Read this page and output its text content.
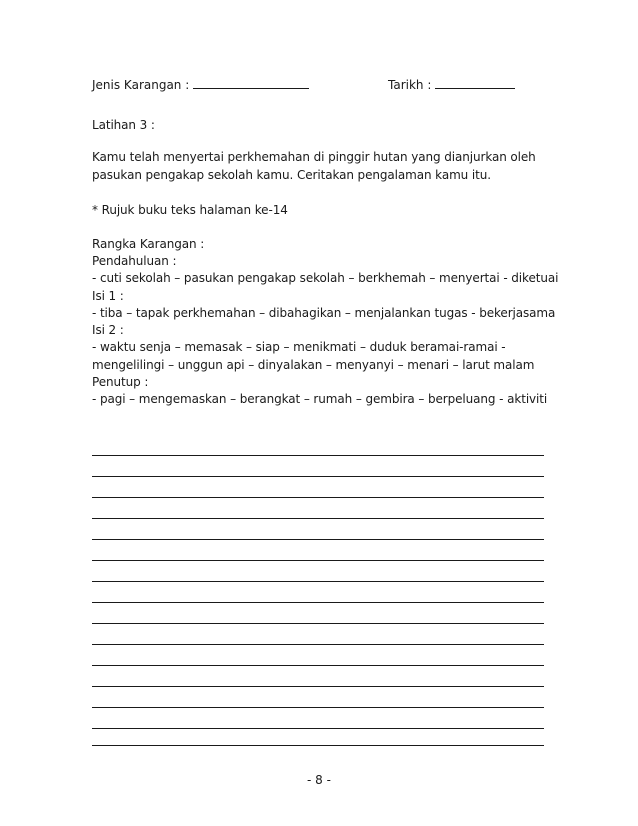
Jenis Karangan :	Tarikh :
Latihan 3 :
Kamu telah menyertai perkhemahan di pinggir hutan yang dianjurkan oleh
pasukan pengakap sekolah kamu. Ceritakan pengalaman kamu itu.
* Rujuk buku teks halaman ke-14
Rangka Karangan :
Pendahuluan :
- cuti sekolah – pasukan pengakap sekolah – berkhemah – menyertai - diketuai
Isi 1 :
- tiba – tapak perkhemahan – dibahagikan – menjalankan tugas - bekerjasama
Isi 2 :
- waktu senja – memasak – siap – menikmati – duduk beramai-ramai -
mengelilingi – unggun api – dinyalakan – menyanyi – menari – larut malam
Penutup :
- pagi – mengemaskan – berangkat – rumah – gembira – berpeluang - aktiviti
- 8 -
